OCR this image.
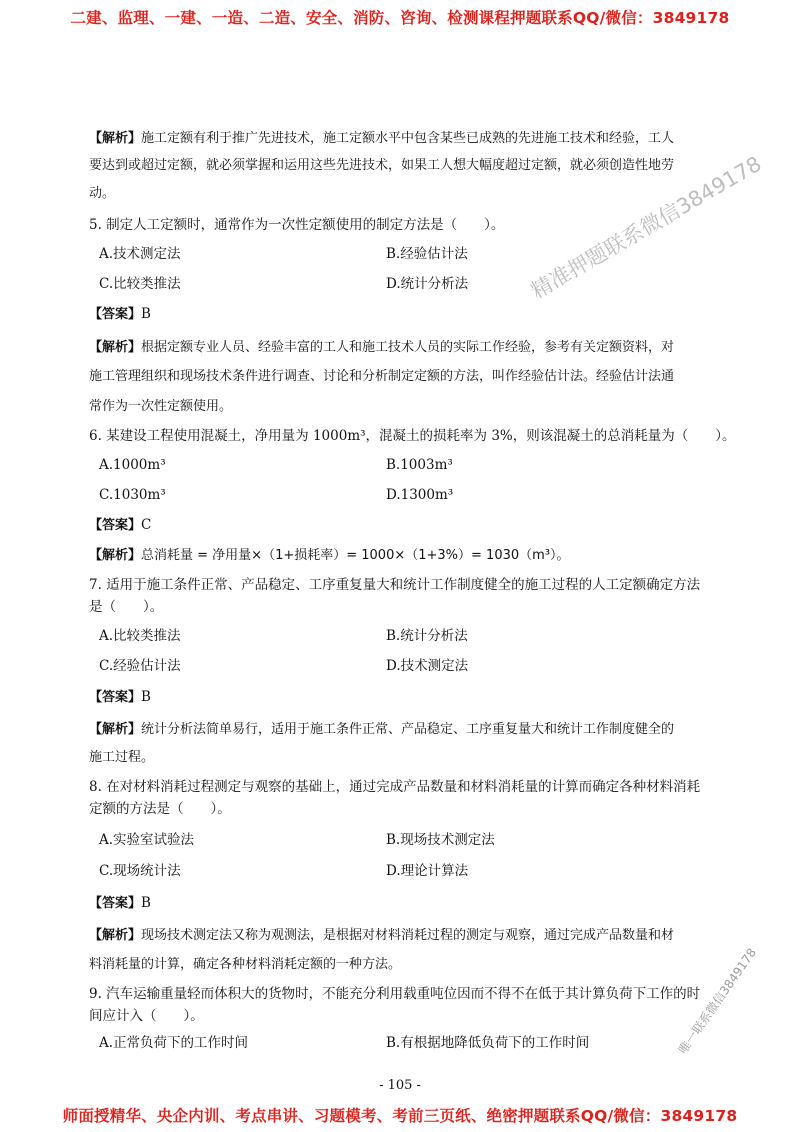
二建、监理、一建、一造、二造、安全、消防、咨询、检测课程押题联系QQ/微信：3849178
【解析】施工定额有利于推广先进技术，施工定额水平中包含某些已成熟的先进施工技术和经验，工人
要达到或超过定额，就必须掌握和运用这些先进技术，如果工人想大幅度超过定额，就必须创造性地劳
动。
5. 制定人工定额时，通常作为一次性定额使用的制定方法是（　　）。
A.技术测定法	B.经验估计法
C.比较类推法	D.统计分析法
【答案】B
【解析】根据定额专业人员、经验丰富的工人和施工技术人员的实际工作经验，参考有关定额资料，对
施工管理组织和现场技术条件进行调查、讨论和分析制定定额的方法，叫作经验估计法。经验估计法通
常作为一次性定额使用。
6. 某建设工程使用混凝土，净用量为 1000m³，混凝土的损耗率为 3%，则该混凝土的总消耗量为（　　）。
A.1000m³	B.1003m³
C.1030m³	D.1300m³
【答案】C
【解析】总消耗量 = 净用量×（1+损耗率）= 1000×（1+3%）= 1030（m³）。
7. 适用于施工条件正常、产品稳定、工序重复量大和统计工作制度健全的施工过程的人工定额确定方法
是（　　）。
A.比较类推法	B.统计分析法
C.经验估计法	D.技术测定法
【答案】B
【解析】统计分析法简单易行，适用于施工条件正常、产品稳定、工序重复量大和统计工作制度健全的
施工过程。
8. 在对材料消耗过程测定与观察的基础上，通过完成产品数量和材料消耗量的计算而确定各种材料消耗
定额的方法是（　　）。
A.实验室试验法	B.现场技术测定法
C.现场统计法	D.理论计算法
【答案】B
【解析】现场技术测定法又称为观测法，是根据对材料消耗过程的测定与观察，通过完成产品数量和材
料消耗量的计算，确定各种材料消耗定额的一种方法。
9. 汽车运输重量轻而体积大的货物时，不能充分利用载重吨位因而不得不在低于其计算负荷下工作的时
间应计入（　　）。
A.正常负荷下的工作时间	B.有根据地降低负荷下的工作时间
精准押题联系微信3849178
唯一联系微信3849178
- 105 -
师面授精华、央企内训、考点串讲、习题模考、考前三页纸、绝密押题联系QQ/微信：3849178
